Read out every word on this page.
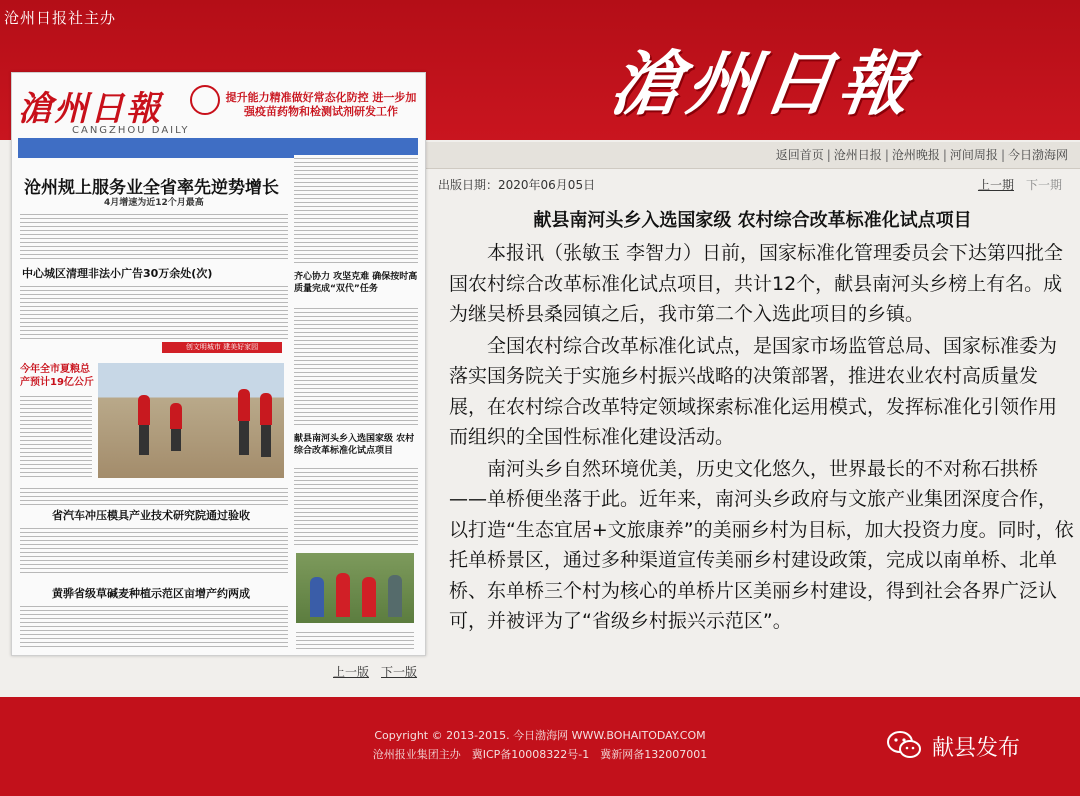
沧州日报社主办
滄州日報
返回首页 | 沧州日报 | 沧州晚报 | 河间周报 | 今日渤海网
出版日期：2020年06月05日	上一期 下一期
献县南河头乡入选国家级 农村综合改革标准化试点项目

本报讯（张敏玉 李智力）日前，国家标准化管理委员会下达第四批全国农村综合改革标准化试点项目，共计12个，献县南河头乡榜上有名。成为继吴桥县桑园镇之后，我市第二个入选此项目的乡镇。

全国农村综合改革标准化试点，是国家市场监管总局、国家标准委为落实国务院关于实施乡村振兴战略的决策部署，推进农业农村高质量发展，在农村综合改革特定领域探索标准化运用模式，发挥标准化引领作用而组织的全国性标准化建设活动。

南河头乡自然环境优美，历史文化悠久，世界最长的不对称石拱桥——单桥便坐落于此。近年来，南河头乡政府与文旅产业集团深度合作，以打造“生态宜居+文旅康养”的美丽乡村为目标，加大投资力度。同时，依托单桥景区，通过多种渠道宣传美丽乡村建设政策，完成以南单桥、北单桥、东单桥三个村为核心的单桥片区美丽乡村建设，得到社会各界广泛认可，并被评为了“省级乡村振兴示范区”。

滄州日報
CANGZHOU DAILY
提升能力精准做好常态化防控 进一步加强疫苗药物和检测试剂研发工作
沧州规上服务业全省率先逆势增长
4月增速为近12个月最高
中心城区清理非法小广告30万余处(次)
创文明城市 建美好家园
齐心协力 攻坚克难 确保按时高质量完成“双代”任务
今年全市夏粮总产预计19亿公斤
献县南河头乡入选国家级 农村综合改革标准化试点项目
省汽车冲压模具产业技术研究院通过验收
黄骅省级草碱麦种植示范区亩增产约两成
上一版 下一版
Copyright © 2013-2015. 今日渤海网 WWW.BOHAITODAY.COM
沧州报业集团主办　冀ICP备10008322号-1　冀新网备132007001	献县发布
